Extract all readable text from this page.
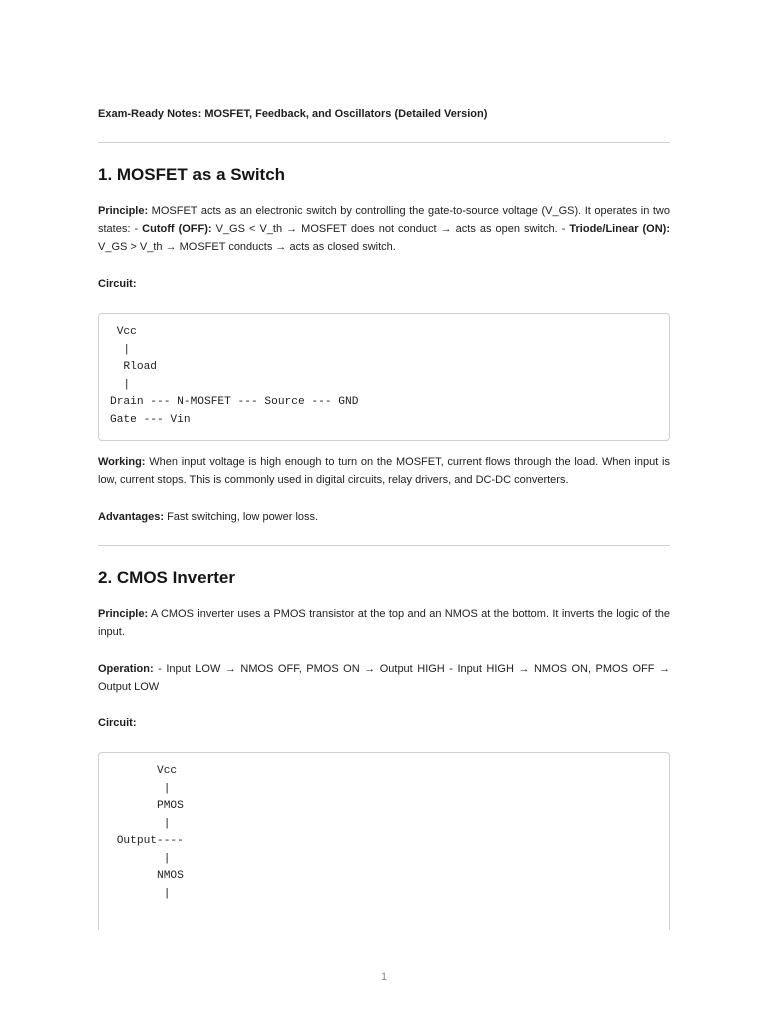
Exam-Ready Notes: MOSFET, Feedback, and Oscillators (Detailed Version)
1. MOSFET as a Switch
Principle: MOSFET acts as an electronic switch by controlling the gate-to-source voltage (V_GS). It operates in two states: - Cutoff (OFF): V_GS < V_th → MOSFET does not conduct → acts as open switch. - Triode/Linear (ON): V_GS > V_th → MOSFET conducts → acts as closed switch.
Circuit:
Vcc
|
Rload
|
Drain --- N-MOSFET --- Source --- GND
Gate --- Vin
Working: When input voltage is high enough to turn on the MOSFET, current flows through the load. When input is low, current stops. This is commonly used in digital circuits, relay drivers, and DC-DC converters.
Advantages: Fast switching, low power loss.
2. CMOS Inverter
Principle: A CMOS inverter uses a PMOS transistor at the top and an NMOS at the bottom. It inverts the logic of the input.
Operation: - Input LOW → NMOS OFF, PMOS ON → Output HIGH - Input HIGH → NMOS ON, PMOS OFF → Output LOW
Circuit:
Vcc
|
PMOS
|
Output----
|
NMOS
|
1
